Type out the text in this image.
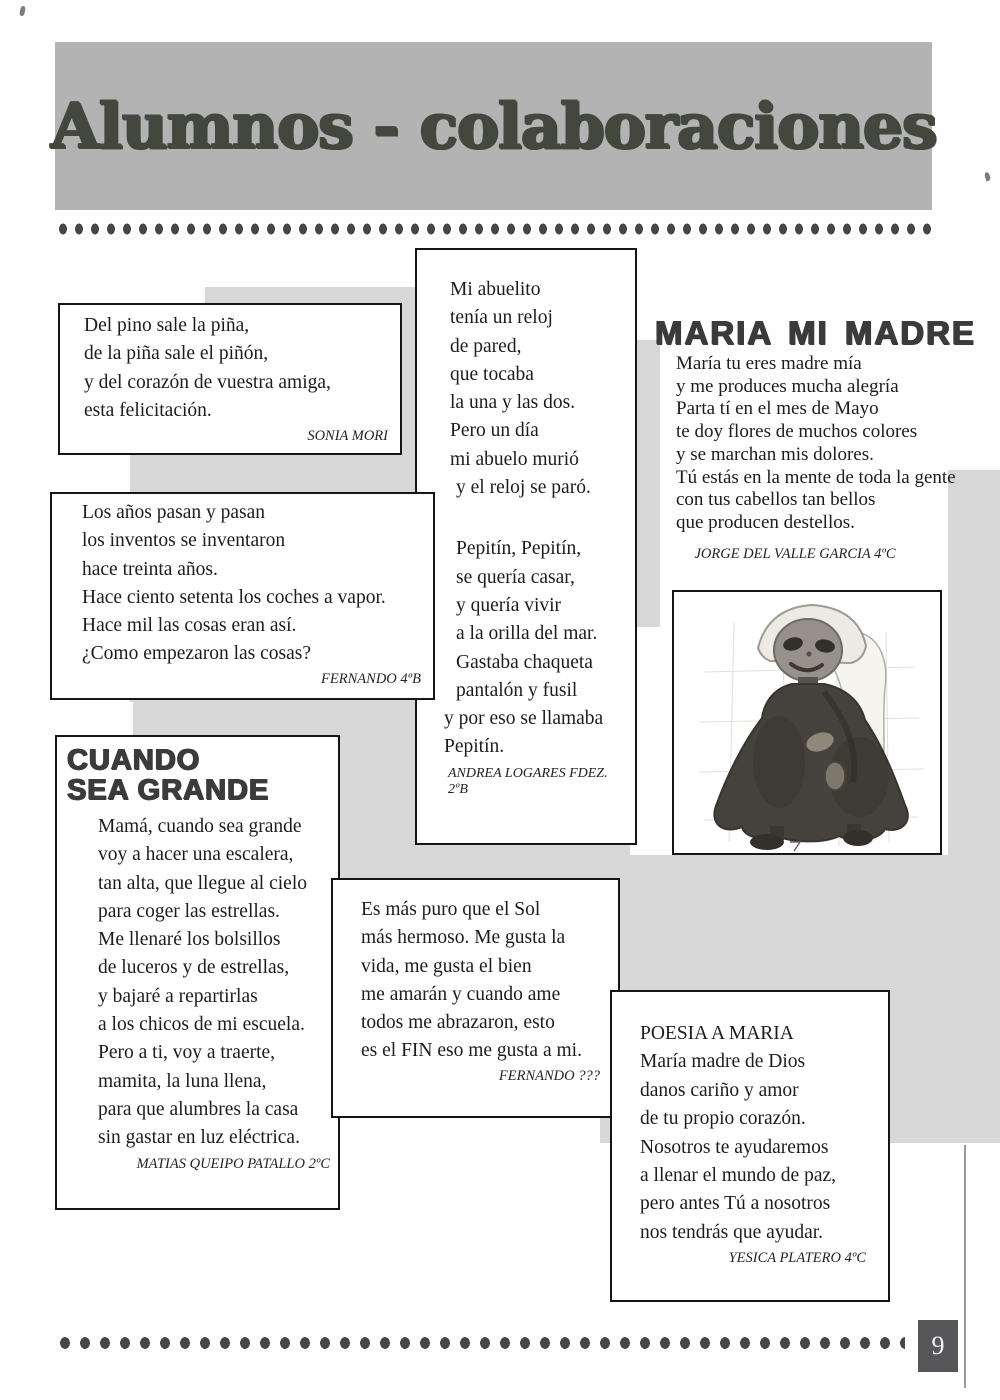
Alumnos - colaboraciones
Del pino sale la piña,
de la piña sale el piñón,
y del corazón de vuestra amiga,
esta felicitación.
SONIA MORI
Los años pasan y pasan
los inventos se inventaron
hace treinta años.
Hace ciento setenta los coches a vapor.
Hace mil las cosas eran así.
¿Como empezaron las cosas?
FERNANDO 4ºB
Mi abuelito
tenía un reloj
de pared,
que tocaba
la una y las dos.
Pero un día
mi abuelo murió
y el reloj se paró.
Pepitín, Pepitín,
se quería casar,
y quería vivir
a la orilla del mar.
Gastaba chaqueta
pantalón y fusil
y por eso se llamaba
Pepitín.
ANDREA LOGARES FDEZ. 2ºB
MARIA MI MADRE
María tu eres madre mía
y me produces mucha alegría
Parta tí en el mes de Mayo
te doy flores de muchos colores
y se marchan mis dolores.
Tú estás en la mente de toda la gente
con tus cabellos tan bellos
que producen destellos.
JORGE DEL VALLE GARCIA 4ºC
CUANDO
SEA GRANDE
Mamá, cuando sea grande
voy a hacer una escalera,
tan alta, que llegue al cielo
para coger las estrellas.
Me llenaré los bolsillos
de luceros y de estrellas,
y bajaré a repartirlas
a los chicos de mi escuela.
Pero a ti, voy a traerte,
mamita, la luna llena,
para que alumbres la casa
sin gastar en luz eléctrica.
MATIAS QUEIPO PATALLO 2ºC
Es más puro que el Sol
más hermoso. Me gusta la
vida, me gusta el bien
me amarán y cuando ame
todos me abrazaron, esto
es el FIN eso me gusta a mi.
FERNANDO ???
POESIA A MARIA
María madre de Dios
danos cariño y amor
de tu propio corazón.
Nosotros te ayudaremos
a llenar el mundo de paz,
pero antes Tú a nosotros
nos tendrás que ayudar.
YESICA PLATERO 4ºC
9
